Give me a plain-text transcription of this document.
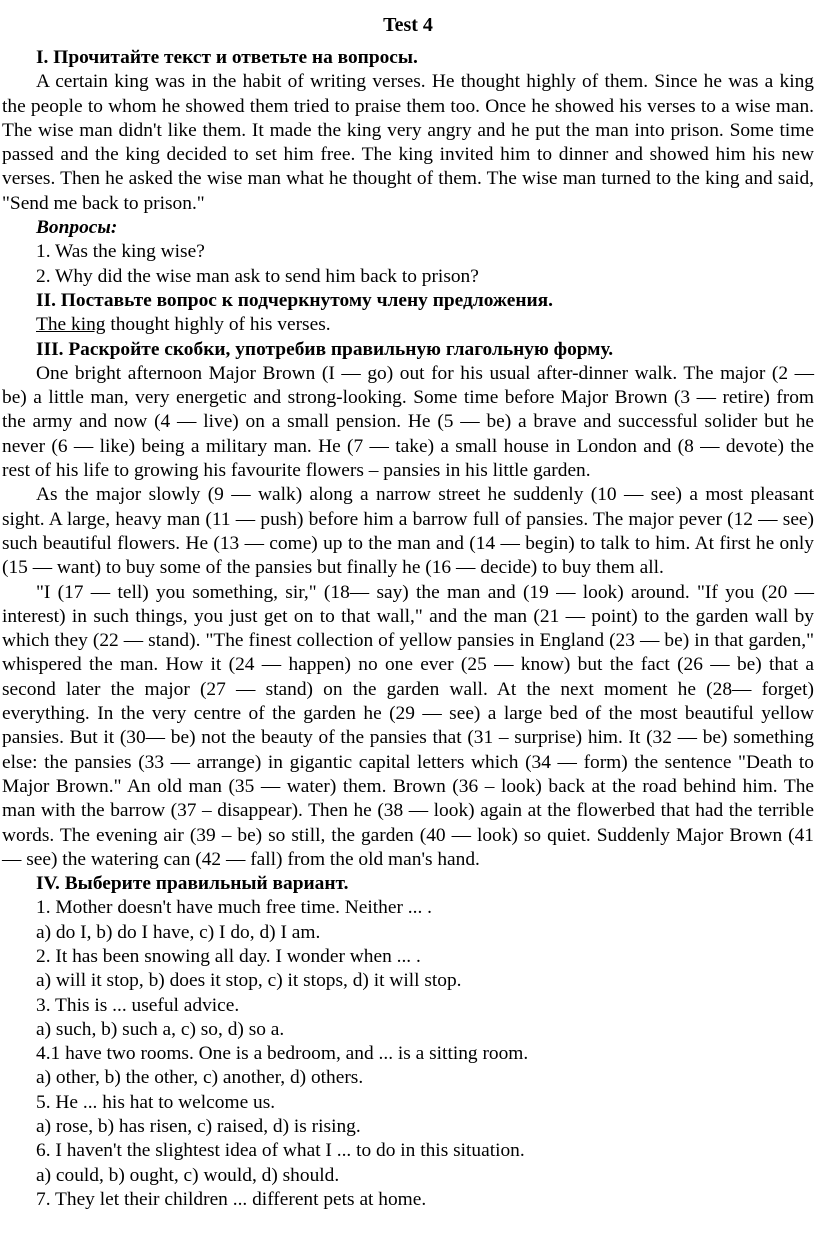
Test 4

I. Прочитайте текст и ответьте на вопросы.

A certain king was in the habit of writing verses. He thought highly of them. Since he was a king the people to whom he showed them tried to praise them too. Once he showed his verses to a wise man. The wise man didn't like them. It made the king very angry and he put the man into prison. Some time passed and the king decided to set him free. The king invited him to dinner and showed him his new verses. Then he asked the wise man what he thought of them. The wise man turned to the king and said, "Send me back to prison."

Вопросы:

1. Was the king wise?

2. Why did the wise man ask to send him back to prison?

II. Поставьте вопрос к подчеркнутому члену предложения.

The king thought highly of his verses.

III. Раскройте скобки, употребив правильную глагольную форму.

One bright afternoon Major Brown (I — go) out for his usual after-dinner walk. The major (2 — be) a little man, very energetic and strong-looking. Some time before Major Brown (3 — retire) from the army and now (4 — live) on a small pension. He (5 — be) a brave and successful solider but he never (6 — like) being a military man. He (7 — take) a small house in London and (8 — devote) the rest of his life to growing his favourite flowers – pansies in his little garden.

As the major slowly (9 — walk) along a narrow street he suddenly (10 — see) a most pleasant sight. A large, heavy man (11 — push) before him a barrow full of pansies. The major pever (12 — see) such beautiful flowers. He (13 — come) up to the man and (14 — begin) to talk to him. At first he only (15 — want) to buy some of the pansies but finally he (16 — decide) to buy them all.

"I (17 — tell) you something, sir," (18— say) the man and (19 — look) around. "If you (20 — interest) in such things, you just get on to that wall," and the man (21 — point) to the garden wall by which they (22 — stand). "The finest collection of yellow pansies in England (23 — be) in that garden," whispered the man. How it (24 — happen) no one ever (25 — know) but the fact (26 — be) that a second later the major (27 — stand) on the garden wall. At the next moment he (28— forget) everything. In the very centre of the garden he (29 — see) a large bed of the most beautiful yellow pansies. But it (30— be) not the beauty of the pansies that (31 – surprise) him. It (32 — be) something else: the pansies (33 — arrange) in gigantic capital letters which (34 — form) the sentence "Death to Major Brown." An old man (35 — water) them. Brown (36 – look) back at the road behind him. The man with the barrow (37 – disappear). Then he (38 — look) again at the flowerbed that had the terrible words. The evening air (39 – be) so still, the garden (40 — look) so quiet. Suddenly Major Brown (41 — see) the watering can (42 — fall) from the old man's hand.

IV. Выберите правильный вариант.

1. Mother doesn't have much free time. Neither ... .

a) do I, b) do I have, c) I do, d) I am.

2. It has been snowing all day. I wonder when ... .

a) will it stop, b) does it stop, c) it stops, d) it will stop.

3. This is ... useful advice.

a) such, b) such a, c) so, d) so a.

4.1 have two rooms. One is a bedroom, and ... is a sitting room.

a) other, b) the other, c) another, d) others.

5. He ... his hat to welcome us.

a) rose, b) has risen, c) raised, d) is rising.

6. I haven't the slightest idea of what I ... to do in this situation.

a) could, b) ought, c) would, d) should.

7. They let their children ... different pets at home.
